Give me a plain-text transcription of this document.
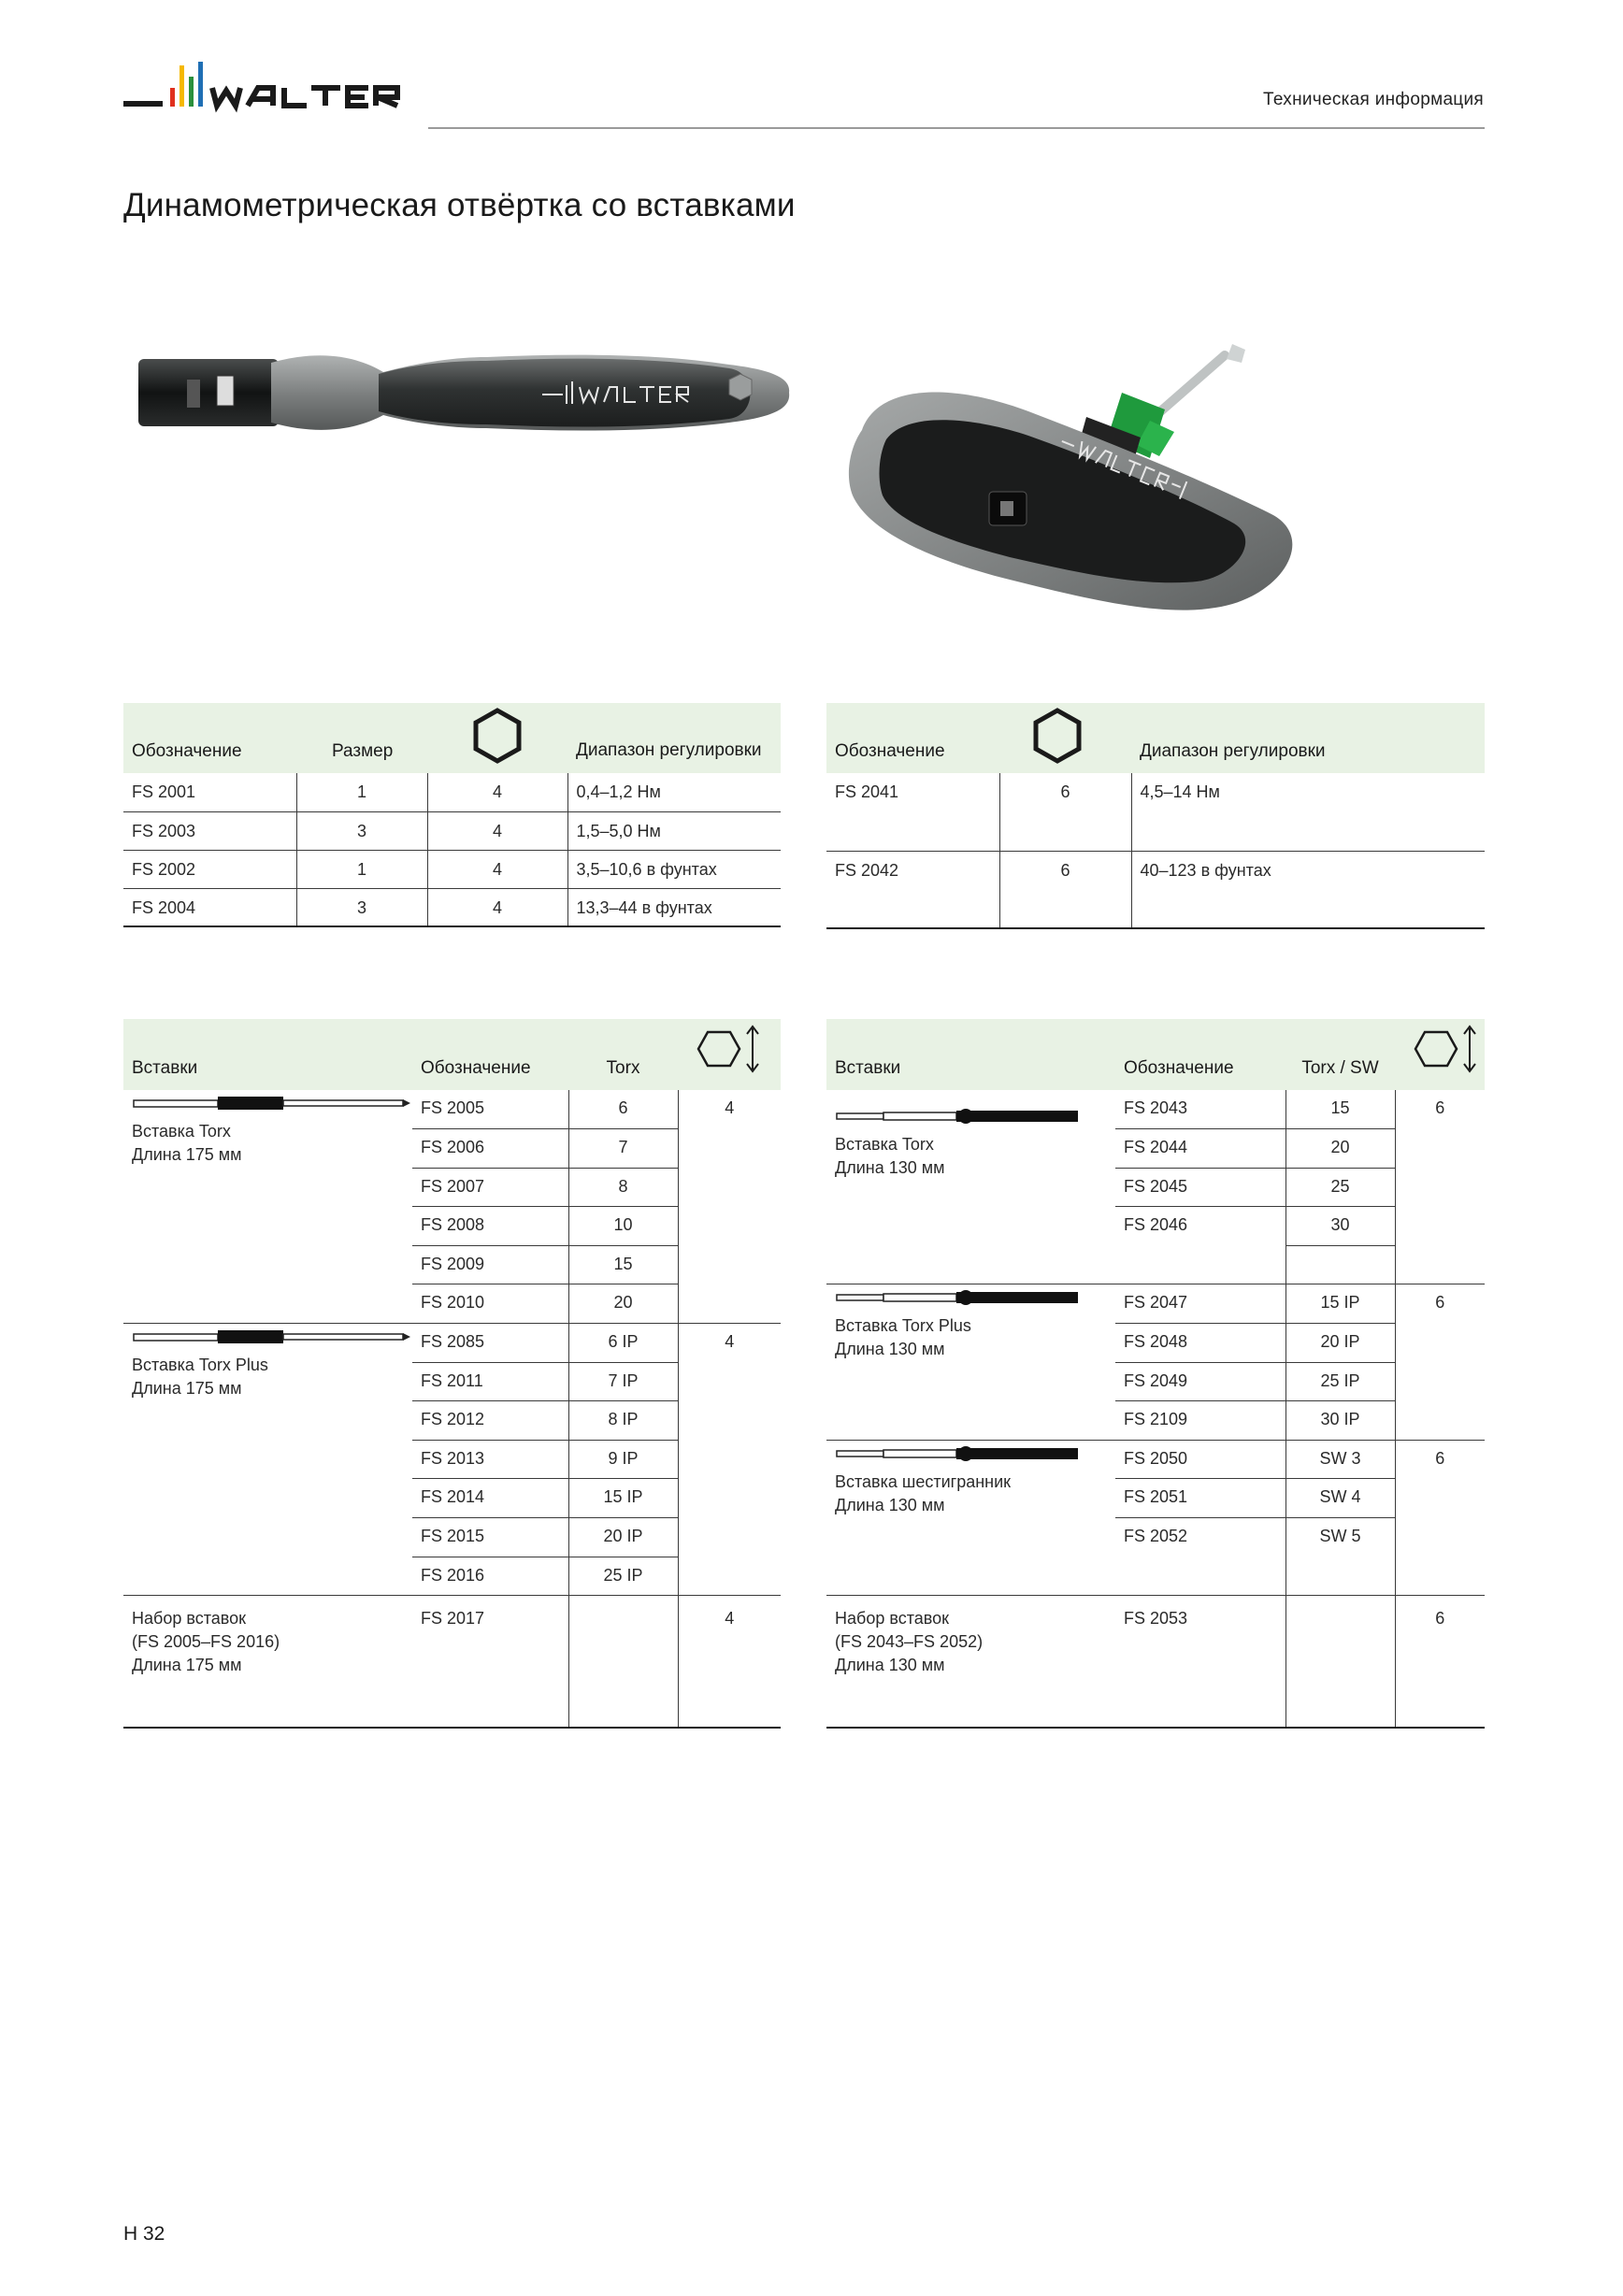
Техническая информация
Динамометрическая отвёртка со вставками
Обозначение	Размер		Диапазон регулировки
FS 2001	1	4	0,4–1,2 Нм
FS 2003	3	4	1,5–5,0 Нм
FS 2002	1	4	3,5–10,6 в фунтах
FS 2004	3	4	13,3–44 в фунтах
Обозначение		Диапазон регулировки
FS 2041	6	4,5–14 Нм
FS 2042	6	40–123 в фунтах
Вставки	Обозначение	Torx	

Вставка Torx
Длина 175 мм	FS 2005	6	4
	FS 2006	7	
	FS 2007	8	
	FS 2008	10	
	FS 2009	15	
	FS 2010	20	

Вставка Torx Plus
Длина 175 мм	FS 2085	6 IP	4
	FS 2011	7 IP	
	FS 2012	8 IP	
	FS 2013	9 IP	
	FS 2014	15 IP	
	FS 2015	20 IP	
	FS 2016	25 IP	

Набор вставок
(FS 2005–FS 2016)
Длина 175 мм	FS 2017		4
Вставки	Обозначение	Torx / SW	

Вставка Torx
Длина 130 мм	FS 2043	15	6
	FS 2044	20	
	FS 2045	25	
	FS 2046	30	

Вставка Torx Plus
Длина 130 мм	FS 2047	15 IP	6
	FS 2048	20 IP	
	FS 2049	25 IP	
	FS 2109	30 IP	

Вставка шестигранник
Длина 130 мм	FS 2050	SW 3	6
	FS 2051	SW 4	
	FS 2052	SW 5	

Набор вставок
(FS 2043–FS 2052)
Длина 130 мм	FS 2053		6
H 32
